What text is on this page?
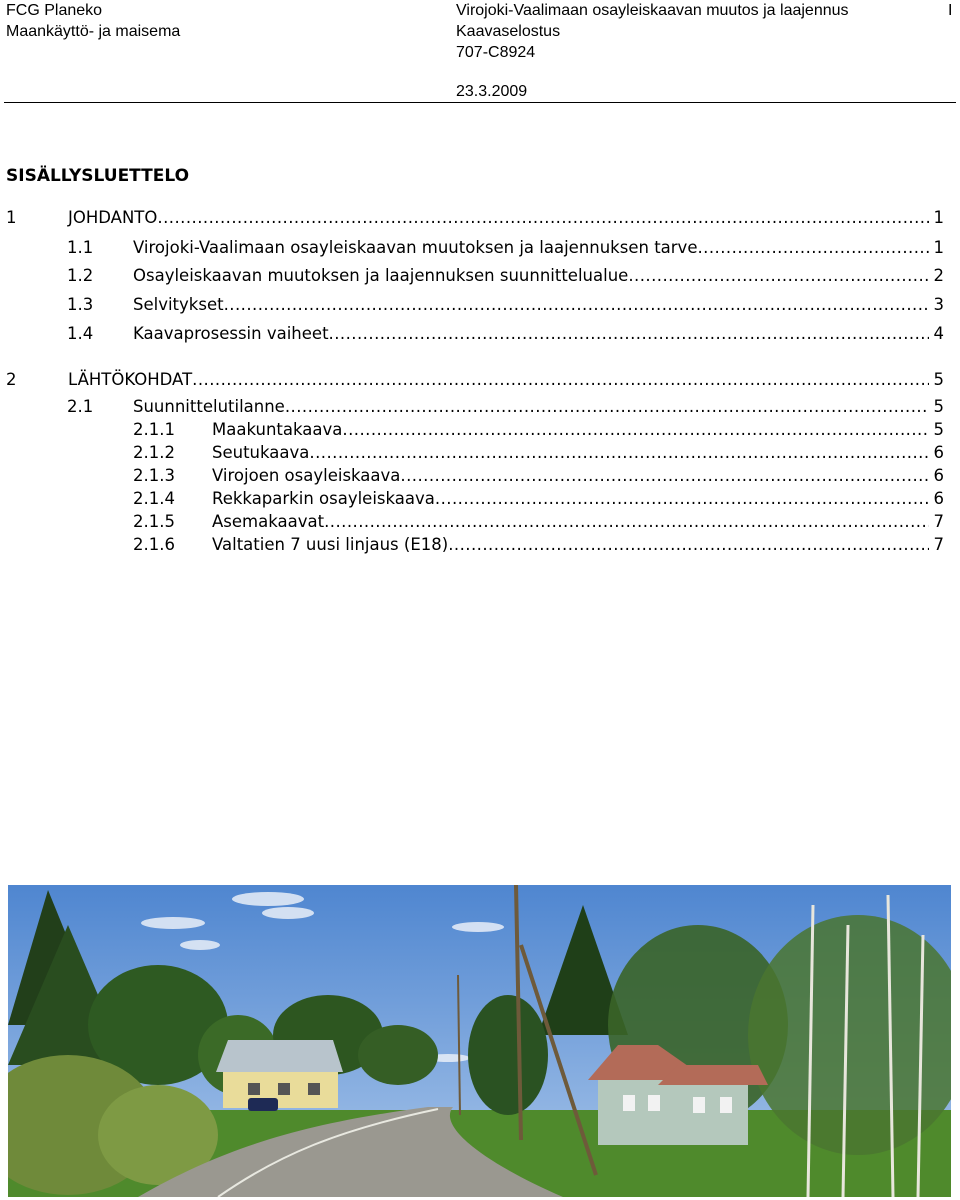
FCG Planeko
Maankäyttö- ja maisema
Virojoki-Vaalimaan osayleiskaavan muutos ja laajennus
Kaavaselostus
707-C8924
23.3.2009
I
SISÄLLYSLUETTELO
1	JOHDANTO . . .	1
1.1	Virojoki-Vaalimaan osayleiskaavan muutoksen ja laajennuksen tarve . . .	1
1.2	Osayleiskaavan muutoksen ja laajennuksen suunnittelualue . . .	2
1.3	Selvitykset . . .	3
1.4	Kaavaprosessin vaiheet . . .	4
2	LÄHTÖKOHDAT . . .	5
2.1	Suunnittelutilanne . . .	5
2.1.1	Maakuntakaava . . .	5
2.1.2	Seutukaava . . .	6
2.1.3	Virojoen osayleiskaava . . .	6
2.1.4	Rekkaparkin osayleiskaava . . .	6
2.1.5	Asemakaavat . . .	7
2.1.6	Valtatien 7 uusi linjaus (E18) . . .	7
